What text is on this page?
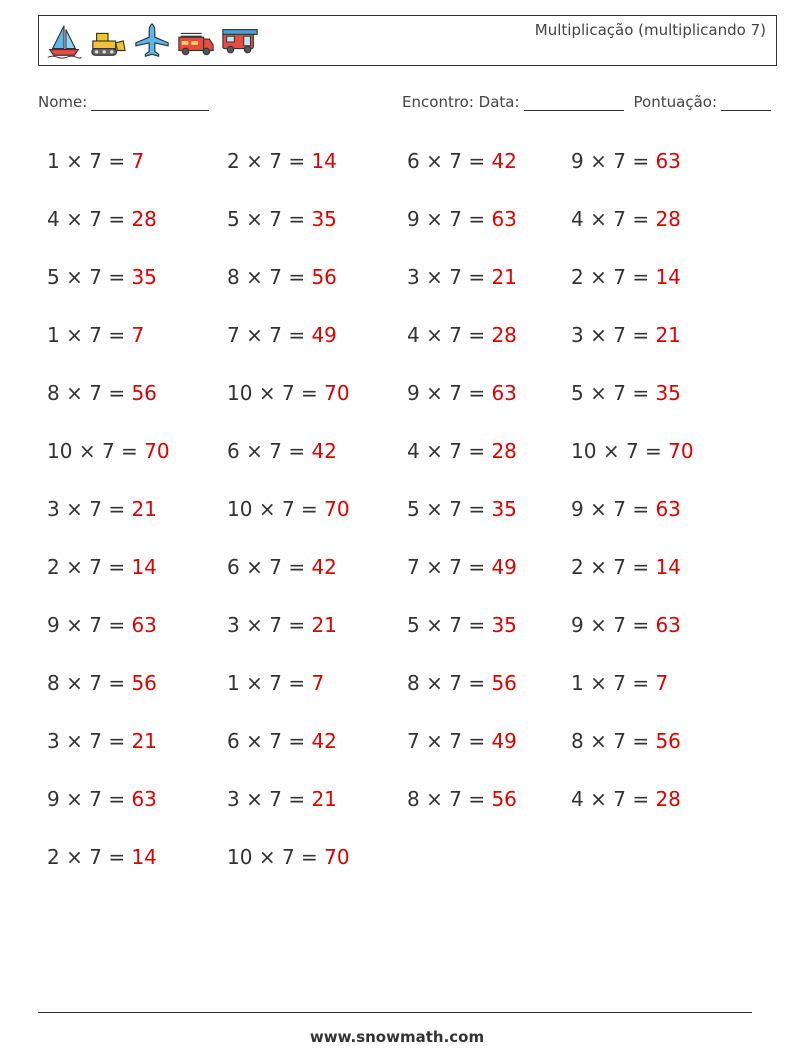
Multiplicação (multiplicando 7)
Nome:	Encontro: Data:	Pontuação:
1 × 7 = 7	2 × 7 = 14	6 × 7 = 42	9 × 7 = 63
4 × 7 = 28	5 × 7 = 35	9 × 7 = 63	4 × 7 = 28
5 × 7 = 35	8 × 7 = 56	3 × 7 = 21	2 × 7 = 14
1 × 7 = 7	7 × 7 = 49	4 × 7 = 28	3 × 7 = 21
8 × 7 = 56	10 × 7 = 70	9 × 7 = 63	5 × 7 = 35
10 × 7 = 70	6 × 7 = 42	4 × 7 = 28	10 × 7 = 70
3 × 7 = 21	10 × 7 = 70	5 × 7 = 35	9 × 7 = 63
2 × 7 = 14	6 × 7 = 42	7 × 7 = 49	2 × 7 = 14
9 × 7 = 63	3 × 7 = 21	5 × 7 = 35	9 × 7 = 63
8 × 7 = 56	1 × 7 = 7	8 × 7 = 56	1 × 7 = 7
3 × 7 = 21	6 × 7 = 42	7 × 7 = 49	8 × 7 = 56
9 × 7 = 63	3 × 7 = 21	8 × 7 = 56	4 × 7 = 28
2 × 7 = 14	10 × 7 = 70
www.snowmath.com
